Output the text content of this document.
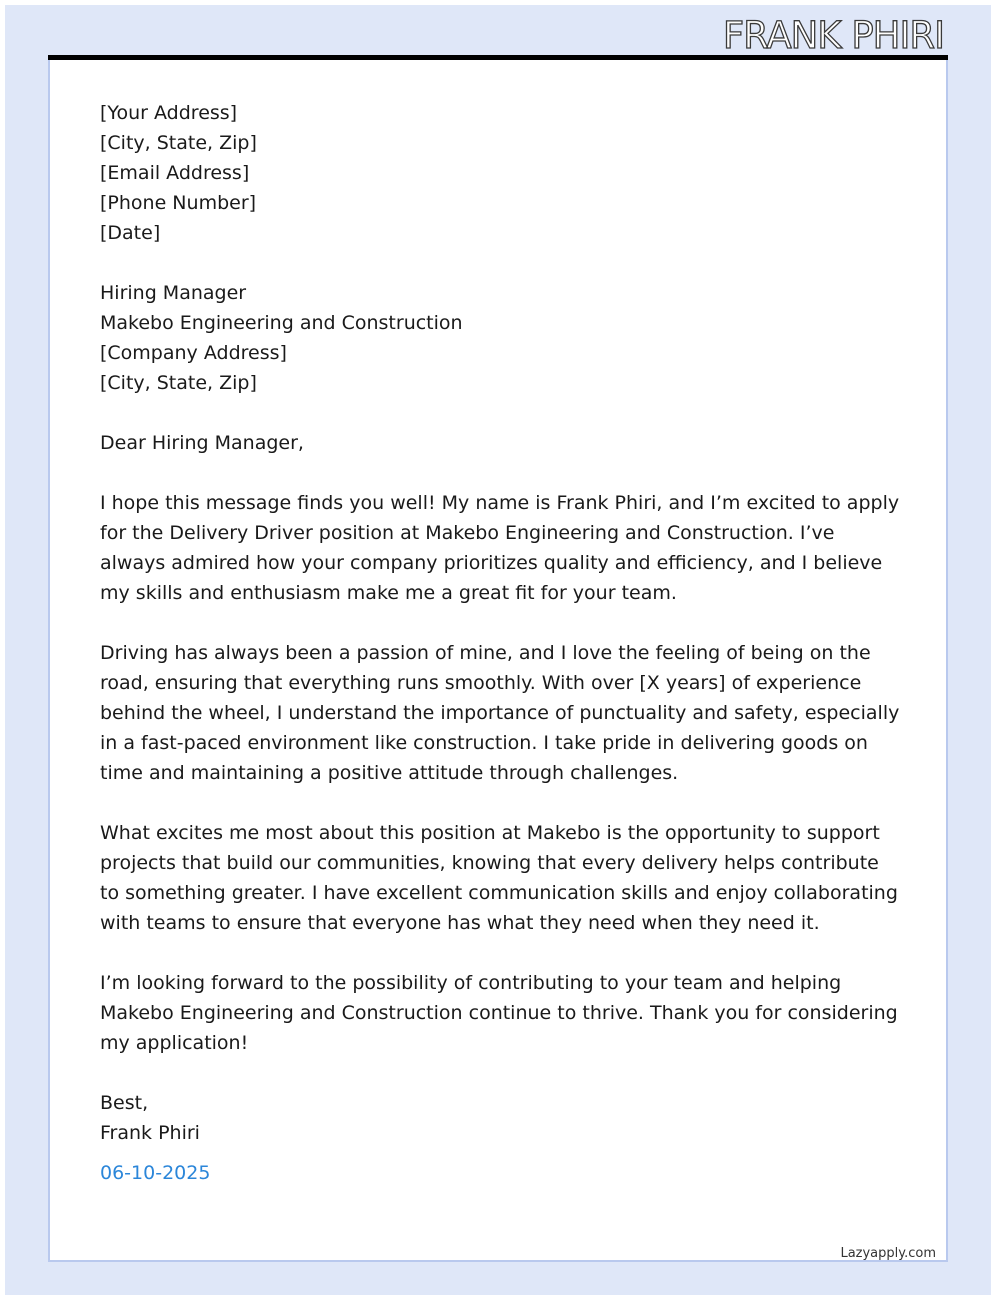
FRANK PHIRI
[Your Address]
[City, State, Zip]
[Email Address]
[Phone Number]
[Date]
Hiring Manager
Makebo Engineering and Construction
[Company Address]
[City, State, Zip]
Dear Hiring Manager,
I hope this message finds you well! My name is Frank Phiri, and I’m excited to apply for the Delivery Driver position at Makebo Engineering and Construction. I’ve always admired how your company prioritizes quality and efficiency, and I believe my skills and enthusiasm make me a great fit for your team.
Driving has always been a passion of mine, and I love the feeling of being on the road, ensuring that everything runs smoothly. With over [X years] of experience behind the wheel, I understand the importance of punctuality and safety, especially in a fast-paced environment like construction. I take pride in delivering goods on time and maintaining a positive attitude through challenges.
What excites me most about this position at Makebo is the opportunity to support projects that build our communities, knowing that every delivery helps contribute to something greater. I have excellent communication skills and enjoy collaborating with teams to ensure that everyone has what they need when they need it.
I’m looking forward to the possibility of contributing to your team and helping Makebo Engineering and Construction continue to thrive. Thank you for considering my application!
Best,
Frank Phiri
06-10-2025
Lazyapply.com
